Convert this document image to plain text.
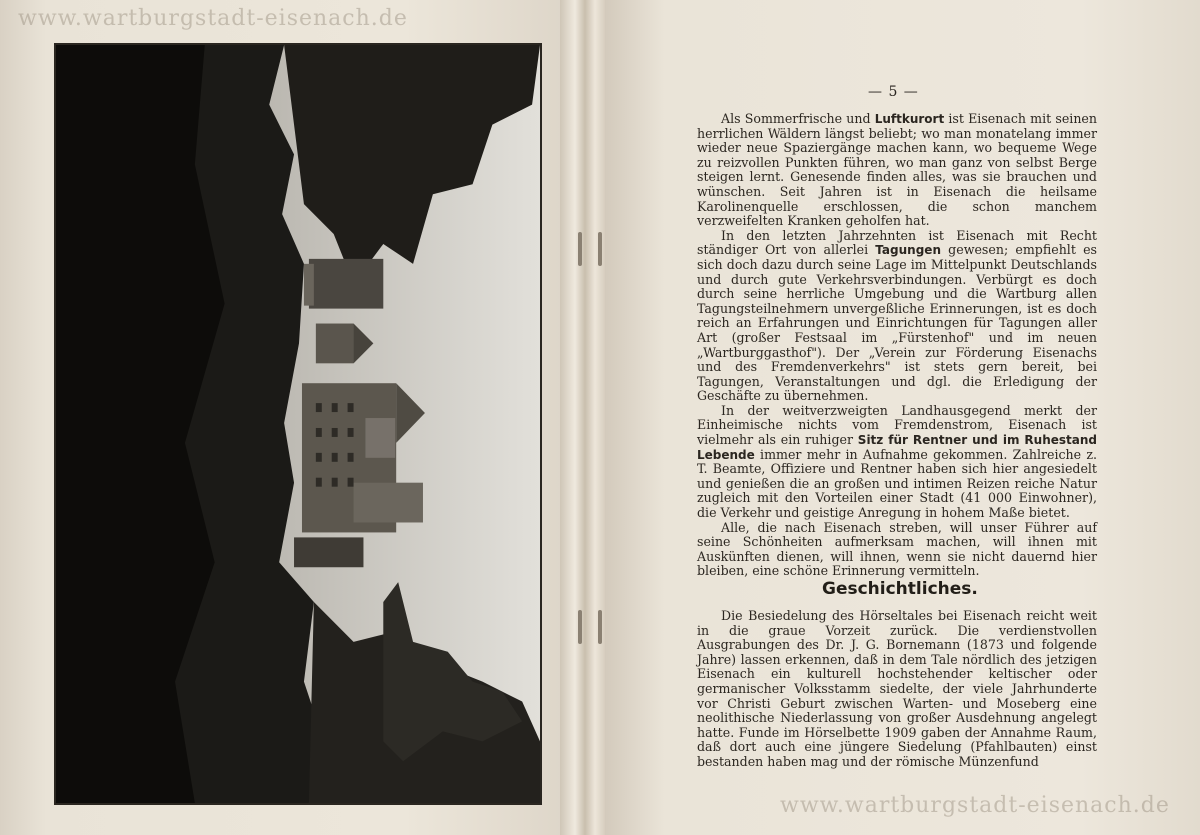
www.wartburgstadt-eisenach.de
— 5 —

Als Sommerfrische und Luftkurort ist Eisenach mit seinen herrlichen Wäldern längst beliebt; wo man monatelang immer wieder neue Spaziergänge machen kann, wo bequeme Wege zu reizvollen Punkten führen, wo man ganz von selbst Berge steigen lernt. Genesende finden alles, was sie brauchen und wünschen. Seit Jahren ist in Eisenach die heilsame Karolinenquelle erschlossen, die schon manchem verzweifelten Kranken geholfen hat.

In den letzten Jahrzehnten ist Eisenach mit Recht ständiger Ort von allerlei Tagungen gewesen; empfiehlt es sich doch dazu durch seine Lage im Mittelpunkt Deutschlands und durch gute Verkehrsverbindungen. Verbürgt es doch durch seine herrliche Umgebung und die Wartburg allen Tagungsteilnehmern unvergeßliche Erinnerungen, ist es doch reich an Erfahrungen und Einrichtungen für Tagungen aller Art (großer Festsaal im „Fürstenhof" und im neuen „Wartburggasthof"). Der „Verein zur Förderung Eisenachs und des Fremdenverkehrs" ist stets gern bereit, bei Tagungen, Veranstaltungen und dgl. die Erledigung der Geschäfte zu übernehmen.

In der weitverzweigten Landhausgegend merkt der Einheimische nichts vom Fremdenstrom, Eisenach ist vielmehr als ein ruhiger Sitz für Rentner und im Ruhestand Lebende immer mehr in Aufnahme gekommen. Zahlreiche z. T. Beamte, Offiziere und Rentner haben sich hier angesiedelt und genießen die an großen und intimen Reizen reiche Natur zugleich mit den Vorteilen einer Stadt (41 000 Einwohner), die Verkehr und geistige Anregung in hohem Maße bietet.

Alle, die nach Eisenach streben, will unser Führer auf seine Schönheiten aufmerksam machen, will ihnen mit Auskünften dienen, will ihnen, wenn sie nicht dauernd hier bleiben, eine schöne Erinnerung vermitteln.

Geschichtliches.

Die Besiedelung des Hörseltales bei Eisenach reicht weit in die graue Vorzeit zurück. Die verdienstvollen Ausgrabungen des Dr. J. G. Bornemann (1873 und folgende Jahre) lassen erkennen, daß in dem Tale nördlich des jetzigen Eisenach ein kulturell hochstehender keltischer oder germanischer Volksstamm siedelte, der viele Jahrhunderte vor Christi Geburt zwischen Warten- und Moseberg eine neolithische Niederlassung von großer Ausdehnung angelegt hatte. Funde im Hörselbette 1909 gaben der Annahme Raum, daß dort auch eine jüngere Siedelung (Pfahlbauten) einst bestanden haben mag und der römische Münzenfund

www.wartburgstadt-eisenach.de
